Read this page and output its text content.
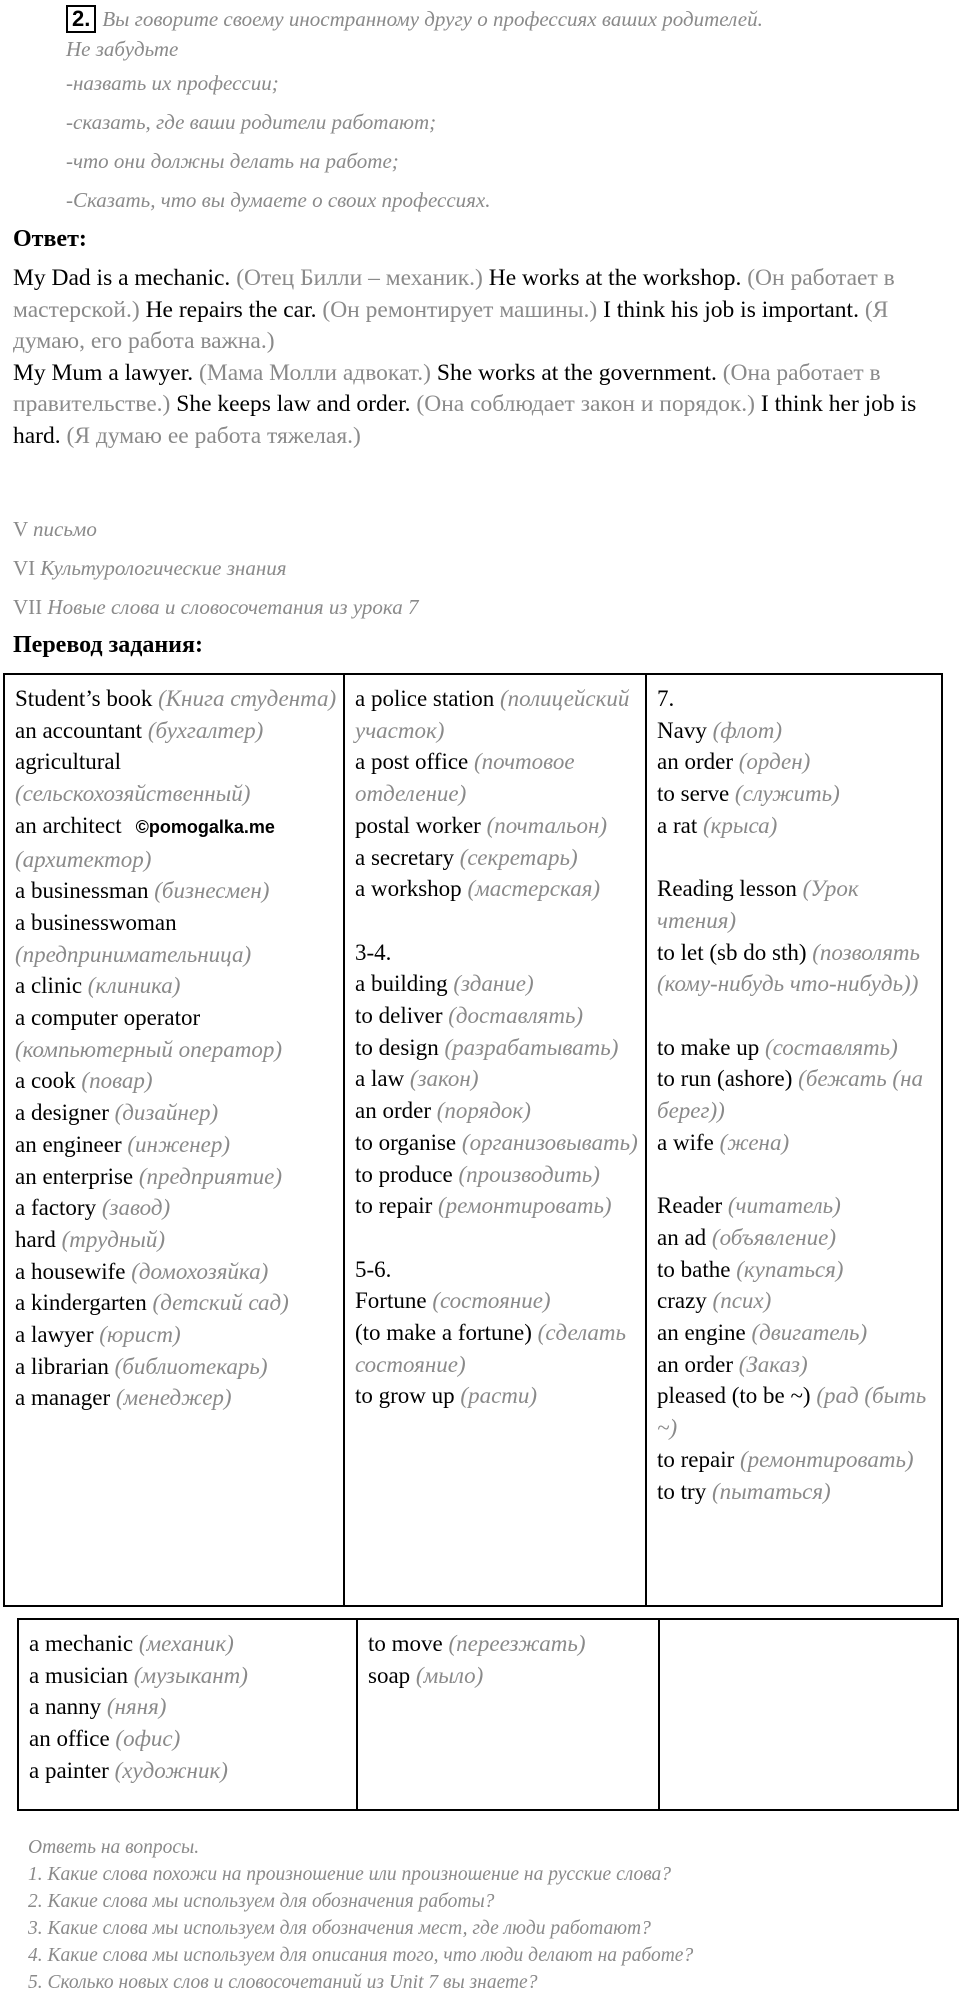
2. Вы говорите своему иностранному другу о профессиях ваших родителей.
Не забудьте
-назвать их профессии;
-сказать, где ваши родители работают;
-что они должны делать на работе;
-Сказать, что вы думаете о своих профессиях.
Ответ:

My Dad is a mechanic. (Отец Билли – механик.) He works at the workshop. (Он работает в мастерской.) He repairs the car. (Он ремонтирует машины.) I think his job is important. (Я думаю, его работа важна.)

My Mum a lawyer. (Мама Молли адвокат.) She works at the government. (Она работает в правительстве.) She keeps law and order. (Она соблюдает закон и порядок.) I think her job is hard. (Я думаю ее работа тяжелая.)

V письмо
VI Культурологические знания
VII Новые слова и словосочетания из урока 7
Перевод задания:
Student’s book (Книга студента)
an accountant (бухгалтер)
agricultural (сельскохозяйственный)
an architect ©pomogalka.me (архитектор)
a businessman (бизнесмен)
a businesswoman (предпринимательница)
a clinic (клиника)
a computer operator (компьютерный оператор)
a cook (повар)
a designer (дизайнер)
an engineer (инженер)
an enterprise (предприятие)
a factory (завод)
hard (трудный)
a housewife (домохозяйка)
a kindergarten (детский сад)
a lawyer (юрист)
a librarian (библиотекарь)
a manager (менеджер)
a police station (полицейский участок)
a post office (почтовое отделение)
postal worker (почтальон)
a secretary (секретарь)
a workshop (мастерская)
3-4.
a building (здание)
to deliver (доставлять)
to design (разрабатывать)
a law (закон)
an order (порядок)
to organise (организовывать)
to produce (производить)
to repair (ремонтировать)
5-6.
Fortune (состояние)
(to make a fortune) (сделать состояние)
to grow up (расти)
7.
Navy (флот)
an order (орден)
to serve (служить)
a rat (крыса)
Reading lesson (Урок чтения)
to let (sb do sth) (позволять (кому-нибудь что-нибудь))
to make up (составлять)
to run (ashore) (бежать (на берег))
a wife (жена)
Reader (читатель)
an ad (объявление)
to bathe (купаться)
crazy (псих)
an engine (двигатель)
an order (Заказ)
pleased (to be ~) (рад (быть ~)
to repair (ремонтировать)
to try (пытаться)
a mechanic (механик)
a musician (музыкант)
a nanny (няня)
an office (офис)
a painter (художник)
to move (переезжать)
soap (мыло)
Ответь на вопросы.
1. Какие слова похожи на произношение или произношение на русские слова?
2. Какие слова мы используем для обозначения работы?
3. Какие слова мы используем для обозначения мест, где люди работают?
4. Какие слова мы используем для описания того, что люди делают на работе?
5. Сколько новых слов и словосочетаний из Unit 7 вы знаете?
